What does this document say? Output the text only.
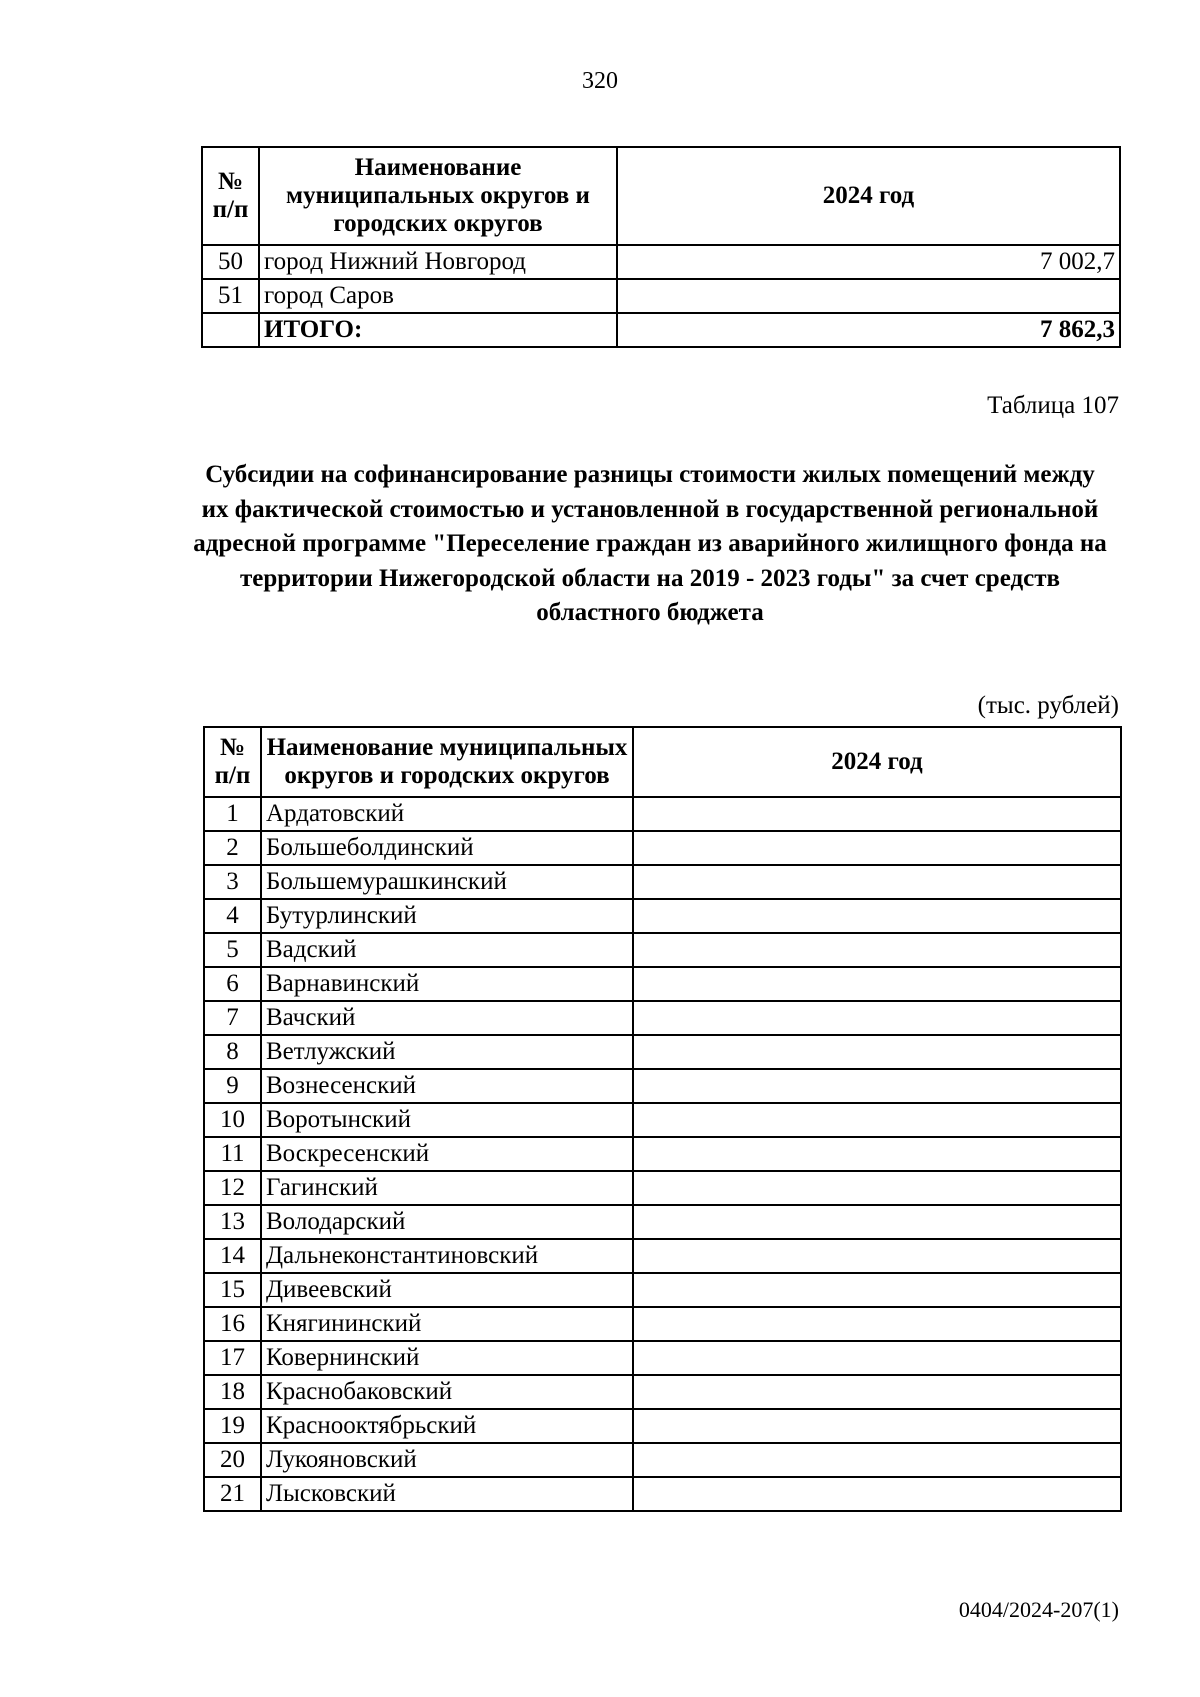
320
№ п/п	Наименование муниципальных округов и городских округов	2024 год
50	город Нижний Новгород	7 002,7
51	город Саров	
	ИТОГО:	7 862,3
Таблица 107
Субсидии на софинансирование разницы стоимости жилых помещений между их фактической стоимостью и установленной в государственной региональной адресной программе "Переселение граждан из аварийного жилищного фонда на территории Нижегородской области на 2019 - 2023 годы" за счет средств областного бюджета
(тыс. рублей)
№ п/п	Наименование муниципальных округов и городских округов	2024 год
1	Ардатовский	
2	Большеболдинский	
3	Большемурашкинский	
4	Бутурлинский	
5	Вадский	
6	Варнавинский	
7	Вачский	
8	Ветлужский	
9	Вознесенский	
10	Воротынский	
11	Воскресенский	
12	Гагинский	
13	Володарский	
14	Дальнеконстантиновский	
15	Дивеевский	
16	Княгининский	
17	Ковернинский	
18	Краснобаковский	
19	Краснооктябрьский	
20	Лукояновский	
21	Лысковский	
0404/2024-207(1)
